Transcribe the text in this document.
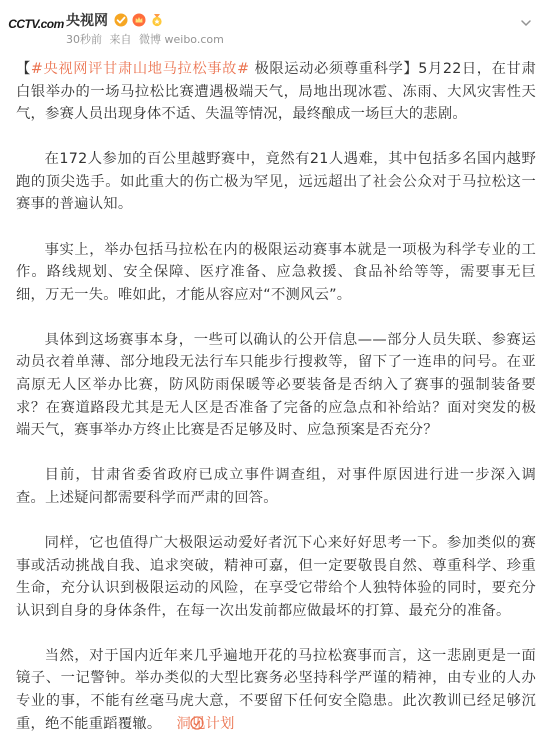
CCTV.com 央视网
30秒前 来自 微博 weibo.com

【#央视网评甘肃山地马拉松事故# 极限运动必须尊重科学】5月22日，在甘肃白银举办的一场马拉松比赛遭遇极端天气，局地出现冰雹、冻雨、大风灾害性天气，参赛人员出现身体不适、失温等情况，最终酿成一场巨大的悲剧。

在172人参加的百公里越野赛中，竟然有21人遇难，其中包括多名国内越野跑的顶尖选手。如此重大的伤亡极为罕见，远远超出了社会公众对于马拉松这一赛事的普遍认知。

事实上，举办包括马拉松在内的极限运动赛事本就是一项极为科学专业的工作。路线规划、安全保障、医疗准备、应急救援、食品补给等等，需要事无巨细，万无一失。唯如此，才能从容应对“不测风云”。

具体到这场赛事本身，一些可以确认的公开信息——部分人员失联、参赛运动员衣着单薄、部分地段无法行车只能步行搜救等，留下了一连串的问号。在亚高原无人区举办比赛，防风防雨保暖等必要装备是否纳入了赛事的强制装备要求？在赛道路段尤其是无人区是否准备了完备的应急点和补给站？面对突发的极端天气，赛事举办方终止比赛是否足够及时、应急预案是否充分？

目前，甘肃省委省政府已成立事件调查组，对事件原因进行进一步深入调查。上述疑问都需要科学而严肃的回答。

同样，它也值得广大极限运动爱好者沉下心来好好思考一下。参加类似的赛事或活动挑战自我、追求突破，精神可嘉，但一定要敬畏自然、尊重科学、珍重生命，充分认识到极限运动的风险，在享受它带给个人独特体验的同时，要充分认识到自身的身体条件，在每一次出发前都应做最坏的打算、最充分的准备。

当然，对于国内近年来几乎遍地开花的马拉松赛事而言，这一悲剧更是一面镜子、一记警钟。举办类似的大型比赛务必坚持科学严谨的精神，由专业的人办专业的事，不能有丝毫马虎大意，不要留下任何安全隐患。此次教训已经足够沉重，绝不能重蹈覆辙。 洞见计划
